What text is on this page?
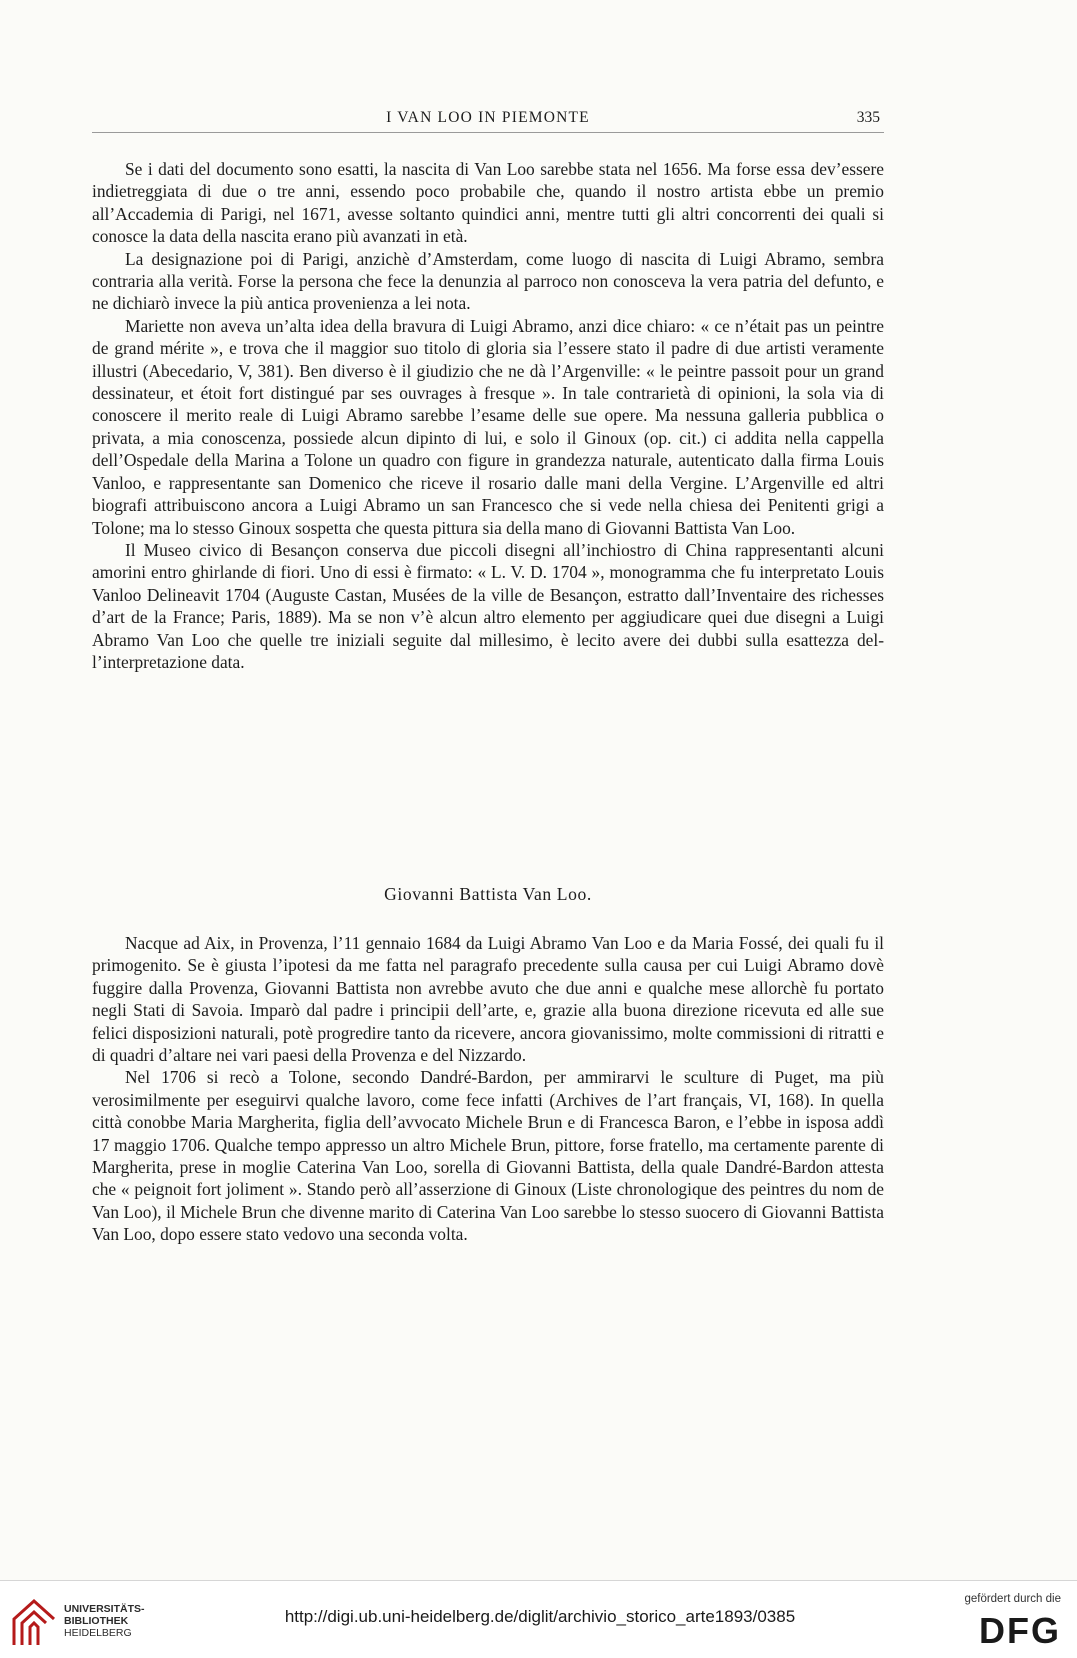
I VAN LOO IN PIEMONTE	335

Se i dati del documento sono esatti, la nascita di Van Loo sarebbe stata nel 1656. Ma forse essa dev’essere indietreggiata di due o tre anni, essendo poco probabile che, quando il nostro artista ebbe un premio all’Accademia di Parigi, nel 1671, avesse soltanto quindici anni, mentre tutti gli altri concorrenti dei quali si conosce la data della nascita erano più avanzati in età.

La designazione poi di Parigi, anzichè d’Amsterdam, come luogo di nascita di Luigi Abramo, sembra contraria alla verità. Forse la persona che fece la denunzia al parroco non conosceva la vera patria del defunto, e ne dichiarò invece la più antica provenienza a lei nota.

Mariette non aveva un’alta idea della bravura di Luigi Abramo, anzi dice chiaro: « ce n’était pas un peintre de grand mérite », e trova che il maggior suo titolo di gloria sia l’essere stato il padre di due artisti veramente illustri (Abecedario, V, 381). Ben diverso è il giudizio che ne dà l’Argenville: « le peintre passoit pour un grand dessinateur, et étoit fort distingué par ses ouvrages à fresque ». In tale contrarietà di opinioni, la sola via di conoscere il merito reale di Luigi Abramo sarebbe l’esame delle sue opere. Ma nessuna galleria pubblica o privata, a mia conoscenza, possiede alcun dipinto di lui, e solo il Ginoux (op. cit.) ci addita nella cappella dell’Ospedale della Marina a Tolone un quadro con figure in grandezza naturale, autenticato dalla firma Louis Vanloo, e rappresentante san Domenico che riceve il rosario dalle mani della Vergine. L’Argenville ed altri biografi attribuiscono ancora a Luigi Abramo un san Francesco che si vede nella chiesa dei Penitenti grigi a Tolone; ma lo stesso Ginoux sospetta che questa pittura sia della mano di Giovanni Battista Van Loo.

Il Museo civico di Besançon conserva due piccoli disegni all’inchiostro di China rappresentanti alcuni amorini entro ghirlande di fiori. Uno di essi è firmato: « L. V. D. 1704 », monogramma che fu interpretato Louis Vanloo Delineavit 1704 (Auguste Castan, Musées de la ville de Besançon, estratto dall’Inventaire des richesses d’art de la France; Paris, 1889). Ma se non v’è alcun altro elemento per aggiudicare quei due disegni a Luigi Abramo Van Loo che quelle tre iniziali seguite dal millesimo, è lecito avere dei dubbi sulla esattezza dell’interpretazione data.

Giovanni Battista Van Loo.

Nacque ad Aix, in Provenza, l’11 gennaio 1684 da Luigi Abramo Van Loo e da Maria Fossé, dei quali fu il primogenito. Se è giusta l’ipotesi da me fatta nel paragrafo precedente sulla causa per cui Luigi Abramo dovè fuggire dalla Provenza, Giovanni Battista non avrebbe avuto che due anni e qualche mese allorchè fu portato negli Stati di Savoia. Imparò dal padre i principii dell’arte, e, grazie alla buona direzione ricevuta ed alle sue felici disposizioni naturali, potè progredire tanto da ricevere, ancora giovanissimo, molte commissioni di ritratti e di quadri d’altare nei vari paesi della Provenza e del Nizzardo.

Nel 1706 si recò a Tolone, secondo Dandré-Bardon, per ammirarvi le sculture di Puget, ma più verosimilmente per eseguirvi qualche lavoro, come fece infatti (Archives de l’art français, VI, 168). In quella città conobbe Maria Margherita, figlia dell’avvocato Michele Brun e di Francesca Baron, e l’ebbe in isposa addì 17 maggio 1706. Qualche tempo appresso un altro Michele Brun, pittore, forse fratello, ma certamente parente di Margherita, prese in moglie Caterina Van Loo, sorella di Giovanni Battista, della quale Dandré-Bardon attesta che « peignoit fort joliment ». Stando però all’asserzione di Ginoux (Liste chronologique des peintres du nom de Van Loo), il Michele Brun che divenne marito di Caterina Van Loo sarebbe lo stesso suocero di Giovanni Battista Van Loo, dopo essere stato vedovo una seconda volta.

UNIVERSITÄTS-
BIBLIOTHEK
HEIDELBERG
http://digi.ub.uni-heidelberg.de/diglit/archivio_storico_arte1893/0385
gefördert durch die
DFG
